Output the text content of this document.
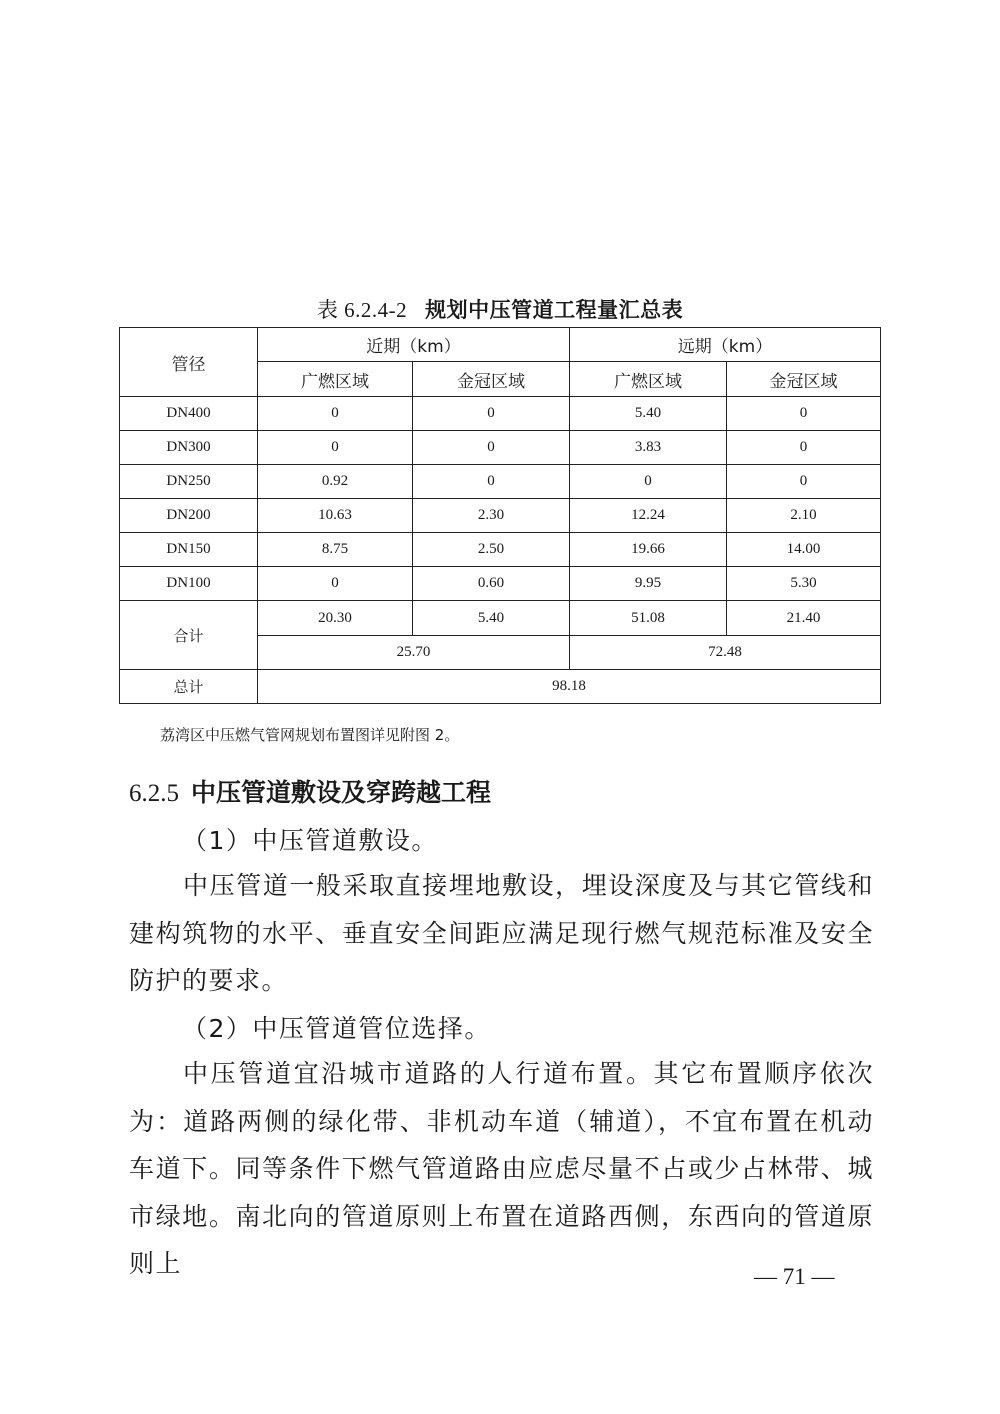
表 6.2.4-2 规划中压管道工程量汇总表
管径	近期（km）		远期（km）	
	广燃区域	金冠区域	广燃区域	金冠区域
DN400	0	0	5.40	0
DN300	0	0	3.83	0
DN250	0.92	0	0	0
DN200	10.63	2.30	12.24	2.10
DN150	8.75	2.50	19.66	14.00
DN100	0	0.60	9.95	5.30
合计	20.30	5.40	51.08	21.40
	25.70		72.48	
总计	98.18			
荔湾区中压燃气管网规划布置图详见附图 2。
6.2.5 中压管道敷设及穿跨越工程
（1）中压管道敷设。
中压管道一般采取直接埋地敷设，埋设深度及与其它管线和建构筑物的水平、垂直安全间距应满足现行燃气规范标准及安全防护的要求。
（2）中压管道管位选择。
中压管道宜沿城市道路的人行道布置。其它布置顺序依次为：道路两侧的绿化带、非机动车道（辅道），不宜布置在机动车道下。同等条件下燃气管道路由应虑尽量不占或少占林带、城市绿地。南北向的管道原则上布置在道路西侧，东西向的管道原则上	— 71 —
